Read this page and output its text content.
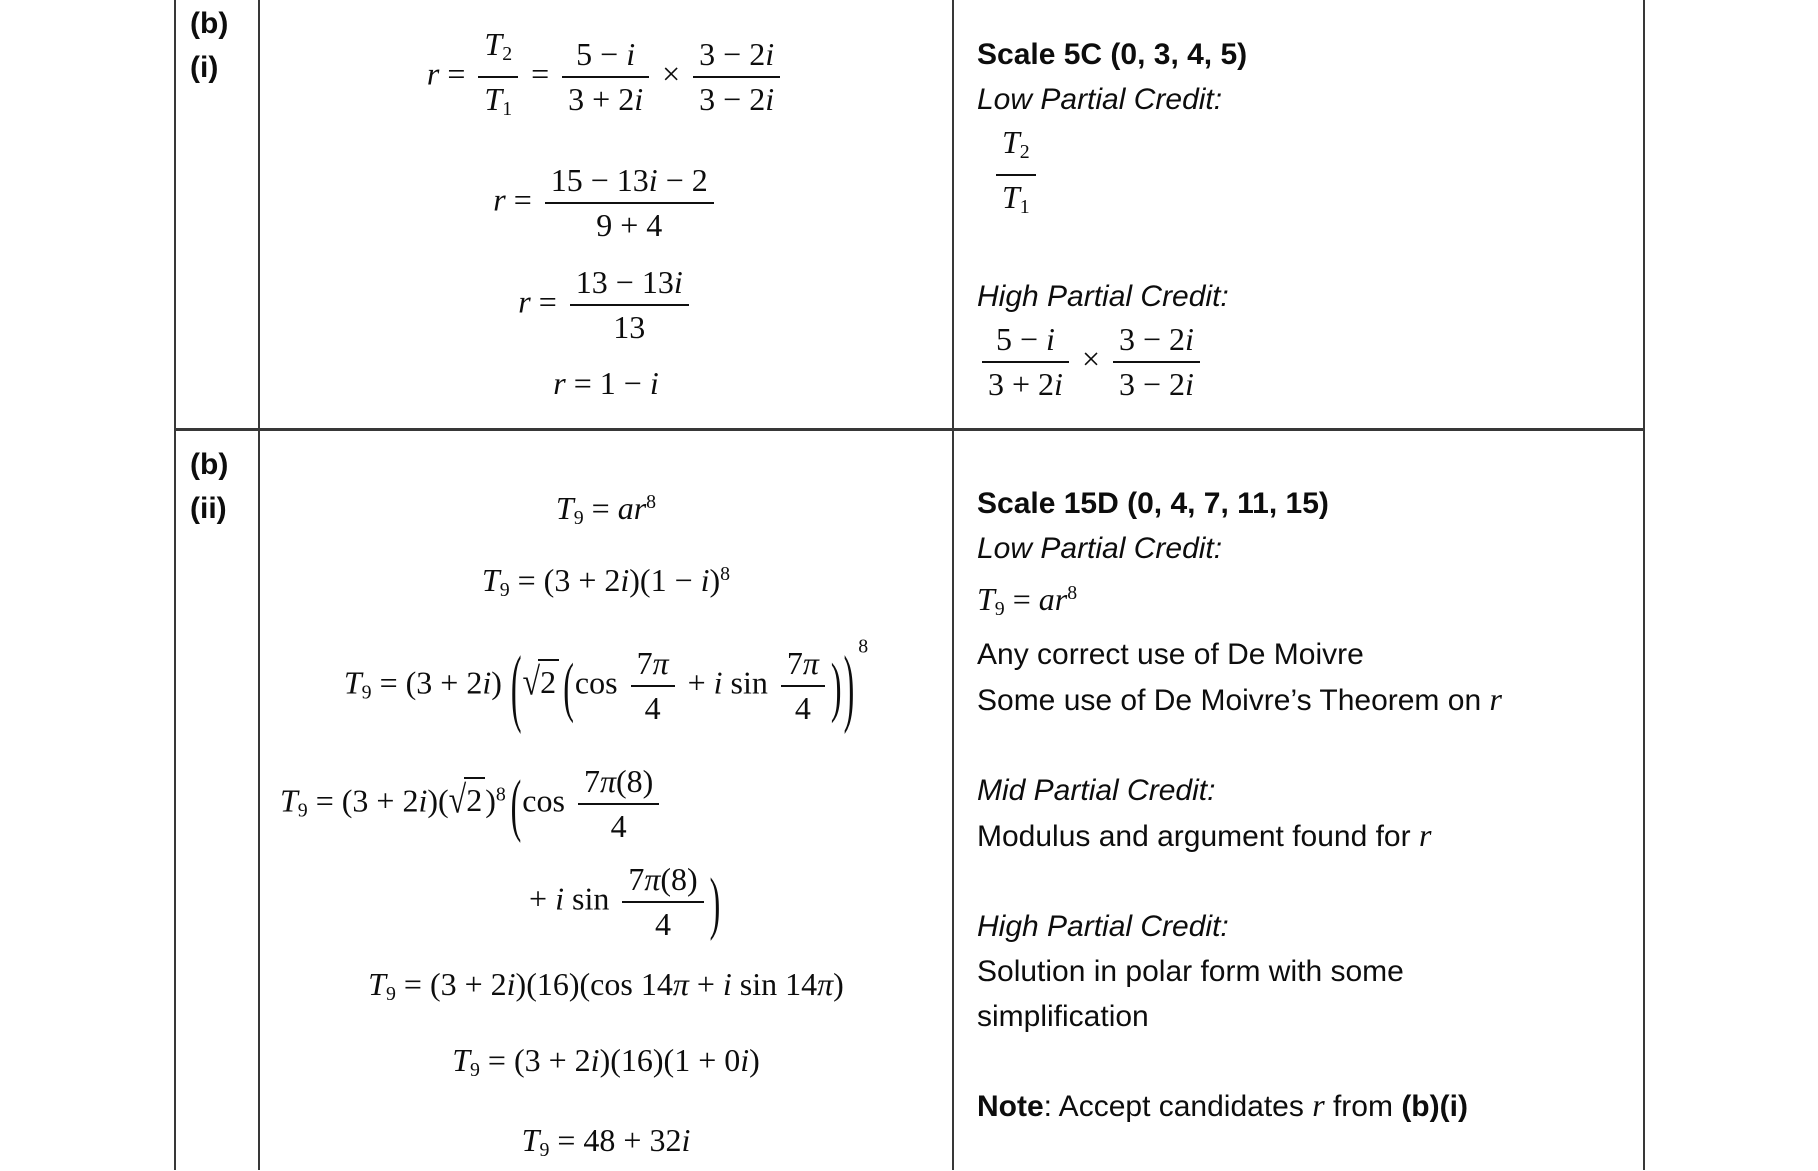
(b)
(i)	$r = \frac{T2}{T1} = \frac{5 - i}{3 + 2i} \times \frac{3 - 2i}{3 - 2i}$
$r = \frac{15 - 13i - 2}{9 + 4}$
$r = \frac{13 - 13i}{13}$
r = 1 − i
Scale 5C (0, 3, 4, 5)
Low Partial Credit:
$\frac{T2}{T1}$
High Partial Credit:
$\frac{5 - i}{3 + 2i} \times \frac{3 - 2i}{3 - 2i}$
(b)
(ii)	$T9 = ar^8$
$T9 = (3 + 2i)(1 - i)^8$
T9 = (3 + 2i) (√2 ($\cos \frac{7\pi}{4} + i$ $\sin \frac{7\pi}{4}$ )) 8
$T9 = (3 + 2i)(√2)^8$ ($\cos \frac{7\pi(8)}{4}$
+ i $\sin \frac{7\pi(8)}{4}$ )
T9 = (3 + 2i)(16)(cos 14π + i sin 14π)
T9 = (3 + 2i)(16)(1 + 0i)
T9 = 48 + 32i
Scale 15D (0, 4, 7, 11, 15)
Low Partial Credit:
$T9 = ar^8$
Any correct use of De Moivre
Some use of De Moivre’s Theorem on r
Mid Partial Credit:
Modulus and argument found for r
High Partial Credit:
Solution in polar form with some
simplification
Note: Accept candidates r from (b)(i)
